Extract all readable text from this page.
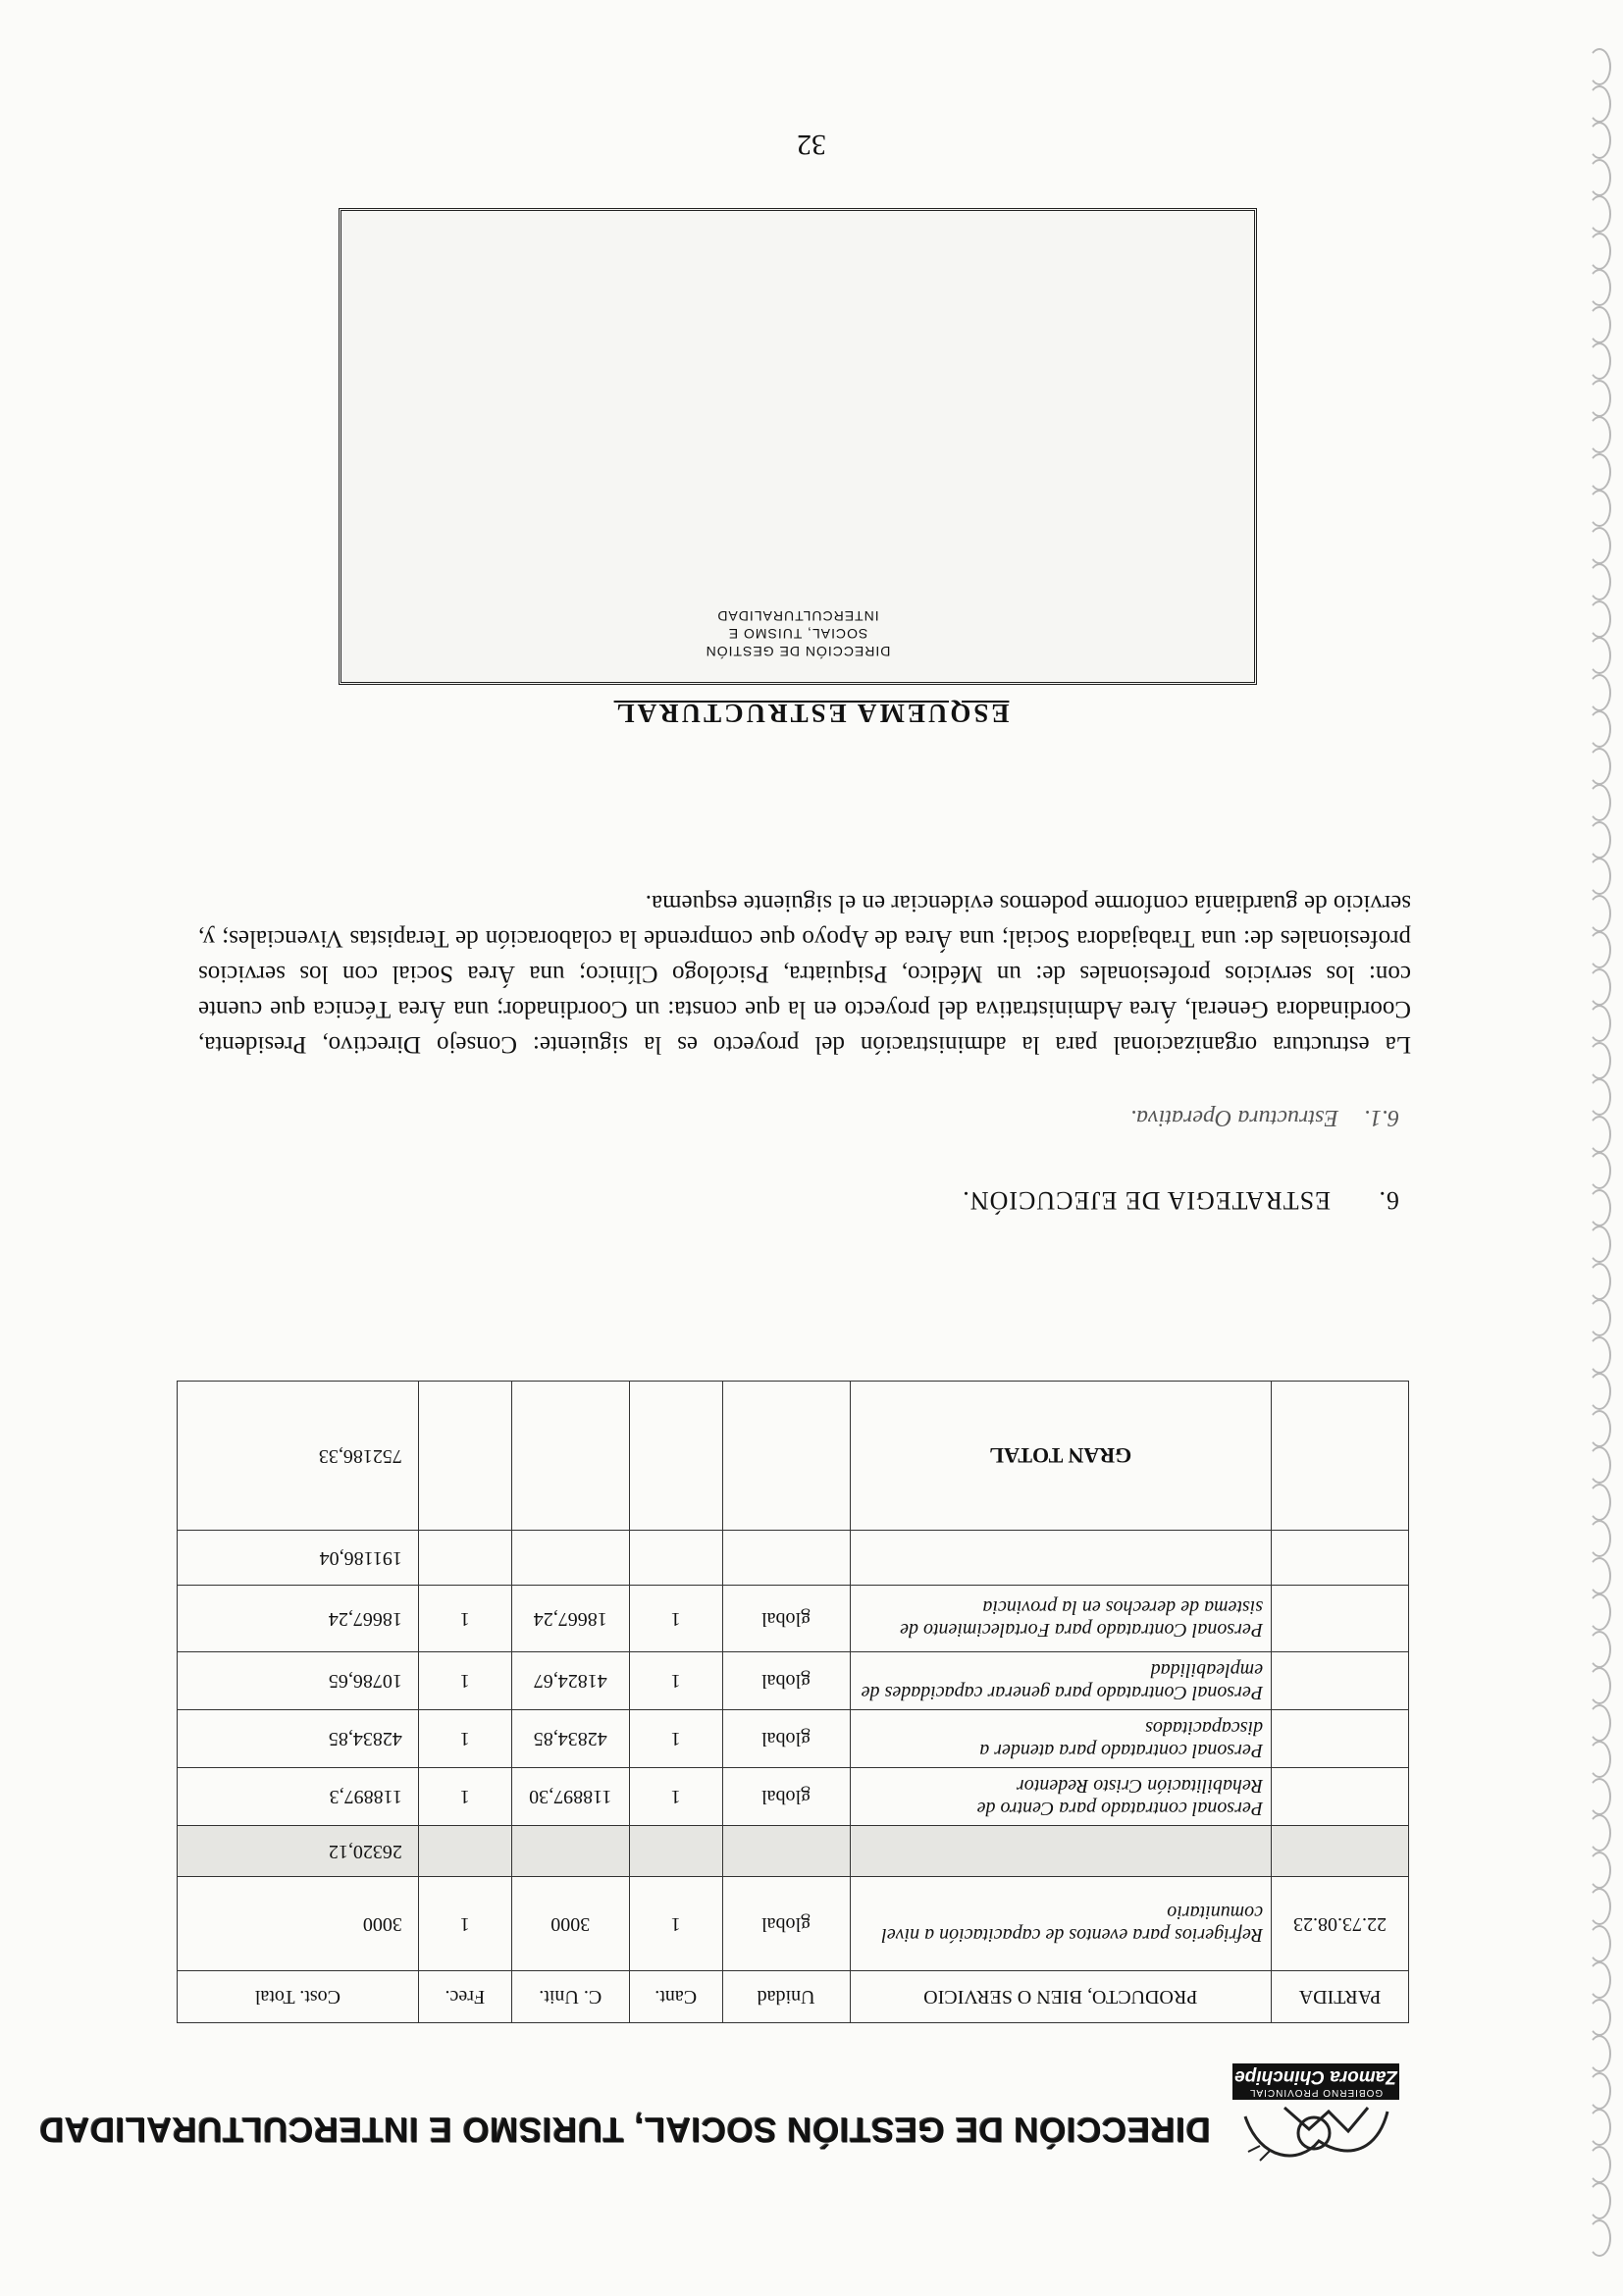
GOBIERNO PROVINCIAL
Zamora Chinchipe
DIRECCIÓN DE GESTIÓN SOCIAL, TURISMO E INTERCULTURALIDAD
PARTIDA	PRODUCTO, BIEN O SERVICIO	Unidad	Cant.	C. Unit.	Frec.	Cost. Total
22.73.08.23	Refrigerios para eventos de capacitación a nivel comunitario	global	1	3000	1	3000
						26320,12
	Personal contratado para Centro de Rehabilitación Cristo Redentor	global	1	118897,30	1	118897,3
	Personal contratado para atender a discapacitados	global	1	42834,85	1	42834,85
	Personal Contratado para generar capacidades de empleabilidad	global	1	41824,67	1	10786,65
	Personal Contratado para Fortalecimiento de sistema de derechos en la provincia	global	1	18667,24	1	18667,24
						191186,04
	GRAN TOTAL					752186,33
6.ESTRATEGIA DE EJECUCIÓN.
6.1.Estructura Operativa.
La estructura organizacional para la administración del proyecto es la siguiente: Consejo Directivo, Presidenta, Coordinadora General, Área Administrativa del proyecto en la que consta: un Coordinador; una Área Técnica que cuente con: los servicios profesionales de: un Médico, Psiquiatra, Psicólogo Clínico; una Área Social con los servicios profesionales de: una Trabajadora Social; una Área de Apoyo que comprende la colaboración de Terapistas Vivenciales; y, servicio de guardianía conforme podemos evidenciar en el siguiente esquema.
ESQUEMA ESTRUCTURAL
DIRECCIÓN DE GESTIÓN
SOCIAL, TUISMO E
INTERCULTURALIDAD
32
